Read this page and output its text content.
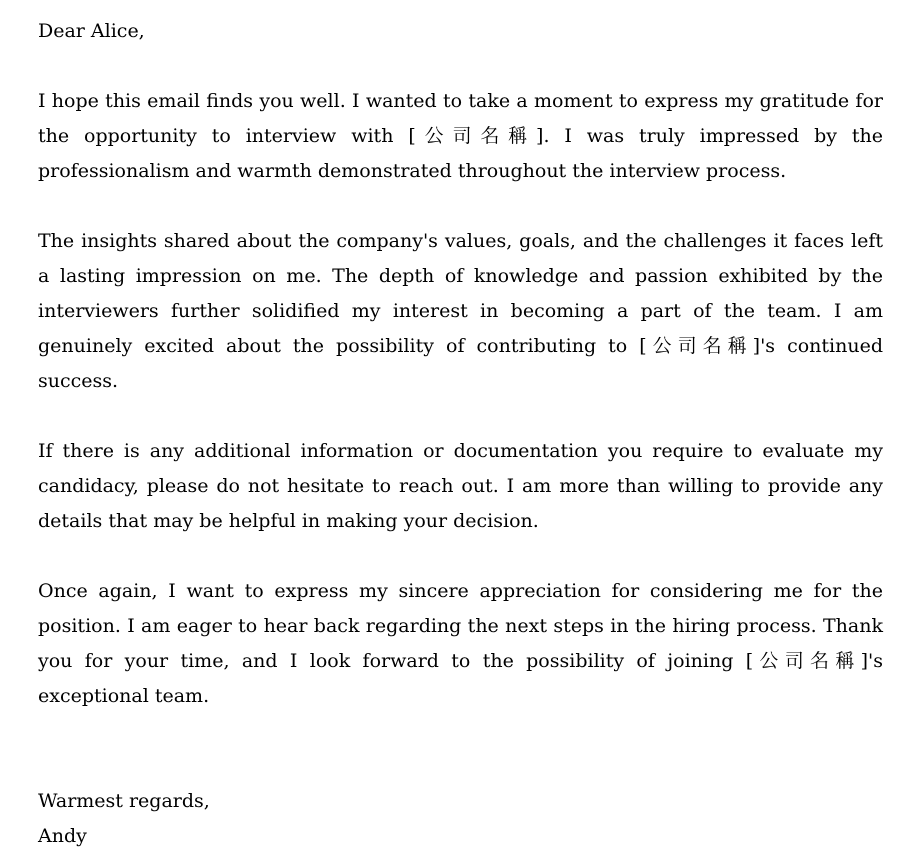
Dear Alice,

I hope this email finds you well. I wanted to take a moment to express my gratitude for the opportunity to interview with [公司名稱]. I was truly impressed by the professionalism and warmth demonstrated throughout the interview process.

The insights shared about the company's values, goals, and the challenges it faces left a lasting impression on me. The depth of knowledge and passion exhibited by the interviewers further solidified my interest in becoming a part of the team. I am genuinely excited about the possibility of contributing to [公司名稱]'s continued success.

If there is any additional information or documentation you require to evaluate my candidacy, please do not hesitate to reach out. I am more than willing to provide any details that may be helpful in making your decision.

Once again, I want to express my sincere appreciation for considering me for the position. I am eager to hear back regarding the next steps in the hiring process. Thank you for your time, and I look forward to the possibility of joining [公司名稱]'s exceptional team.

Warmest regards,

Andy
